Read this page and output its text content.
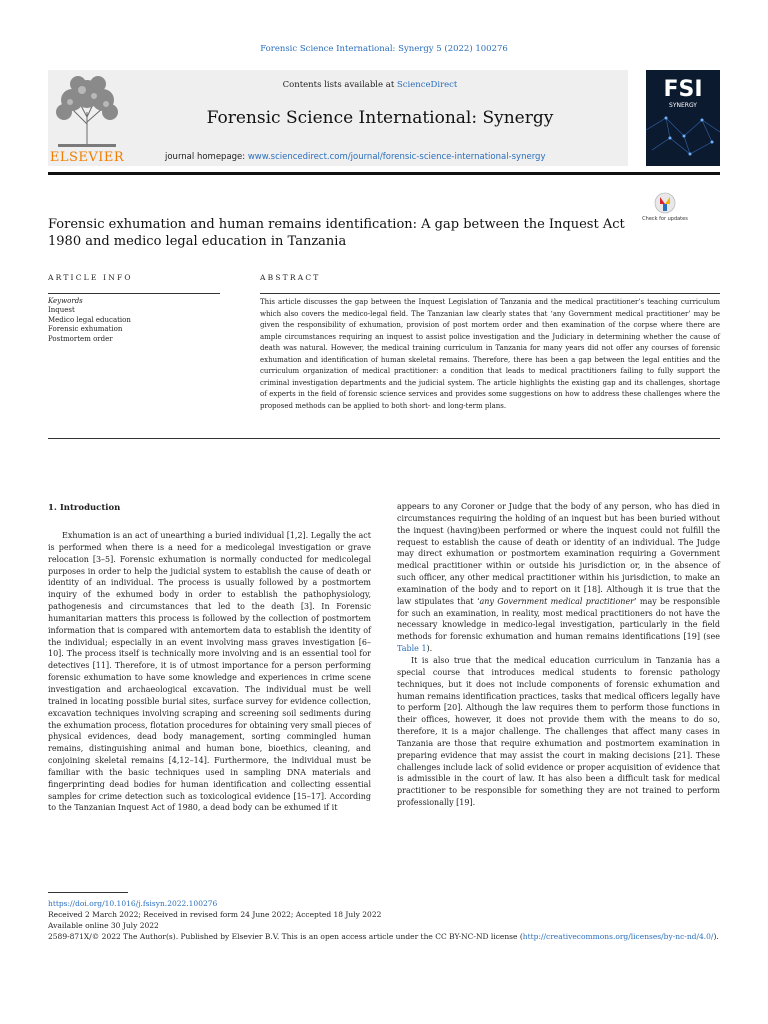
Forensic Science International: Synergy 5 (2022) 100276
ELSEVIER
Contents lists available at ScienceDirect
Forensic Science International: Synergy
journal homepage: www.sciencedirect.com/journal/forensic-science-international-synergy
FSI
SYNERGY
Forensic exhumation and human remains identification: A gap between the Inquest Act 1980 and medico legal education in Tanzania
Check for updates
ARTICLE INFO	ABSTRACT
Keywords
Inquest
Medico legal education
Forensic exhumation
Postmortem order
This article discusses the gap between the Inquest Legislation of Tanzania and the medical practitioner’s teaching curriculum which also covers the medico-legal field. The Tanzanian law clearly states that ‘any Government medical practitioner’ may be given the responsibility of exhumation, provision of post mortem order and then examination of the corpse where there are ample circumstances requiring an inquest to assist police investigation and the Judiciary in determining whether the cause of death was natural. However, the medical training curriculum in Tanzania for many years did not offer any courses of forensic exhumation and identification of human skeletal remains. Therefore, there has been a gap between the legal entities and the curriculum organization of medical practitioner: a condition that leads to medical practitioners failing to fully support the criminal investigation departments and the judicial system. The article highlights the existing gap and its challenges, shortage of experts in the field of forensic science services and provides some suggestions on how to address these challenges where the proposed methods can be applied to both short- and long-term plans.
1. Introduction

Exhumation is an act of unearthing a buried individual [1,2]. Legally the act is performed when there is a need for a medicolegal investigation or grave relocation [3–5]. Forensic exhumation is normally conducted for medicolegal purposes in order to help the judicial system to establish the cause of death or identity of an individual. The process is usually followed by a postmortem inquiry of the exhumed body in order to establish the pathophysiology, pathogenesis and circumstances that led to the death [3]. In Forensic humanitarian matters this process is followed by the collection of postmortem information that is compared with antemortem data to establish the identity of the individual; especially in an event involving mass graves investigation [6–10]. The process itself is technically more involving and is an essential tool for detectives [11]. Therefore, it is of utmost importance for a person performing forensic exhumation to have some knowledge and experiences in crime scene investigation and archaeological excavation. The individual must be well trained in locating possible burial sites, surface survey for evidence collection, excavation techniques involving scraping and screening soil sediments during the exhumation process, flotation procedures for obtaining very small pieces of physical evidences, dead body management, sorting commingled human remains, distinguishing animal and human bone, bioethics, cleaning, and conjoining skeletal remains [4,12–14]. Furthermore, the individual must be familiar with the basic techniques used in sampling DNA materials and fingerprinting dead bodies for human identification and collecting essential samples for crime detection such as toxicological evidence [15–17]. According to the Tanzanian Inquest Act of 1980, a dead body can be exhumed if it

appears to any Coroner or Judge that the body of any person, who has died in circumstances requiring the holding of an inquest but has been buried without the inquest (having)been performed or where the inquest could not fulfill the request to establish the cause of death or identity of an individual. The Judge may direct exhumation or postmortem examination requiring a Government medical practitioner within or outside his jurisdiction or, in the absence of such officer, any other medical practitioner within his jurisdiction, to make an examination of the body and to report on it [18]. Although it is true that the law stipulates that ‘any Government medical practitioner’ may be responsible for such an examination, in reality, most medical practitioners do not have the necessary knowledge in medico-legal investigation, particularly in the field methods for forensic exhumation and human remains identifications [19] (see Table 1).

It is also true that the medical education curriculum in Tanzania has a special course that introduces medical students to forensic pathology techniques, but it does not include components of forensic exhumation and human remains identification practices, tasks that medical officers legally have to perform [20]. Although the law requires them to perform those functions in their offices, however, it does not provide them with the means to do so, therefore, it is a major challenge. The challenges that affect many cases in Tanzania are those that require exhumation and postmortem examination in preparing evidence that may assist the court in making decisions [21]. These challenges include lack of solid evidence or proper acquisition of evidence that is admissible in the court of law. It has also been a difficult task for medical practitioner to be responsible for something they are not trained to perform professionally [19].

https://doi.org/10.1016/j.fsisyn.2022.100276
Received 2 March 2022; Received in revised form 24 June 2022; Accepted 18 July 2022
Available online 30 July 2022
2589-871X/© 2022 The Author(s). Published by Elsevier B.V. This is an open access article under the CC BY-NC-ND license (http://creativecommons.org/licenses/by-nc-nd/4.0/).
